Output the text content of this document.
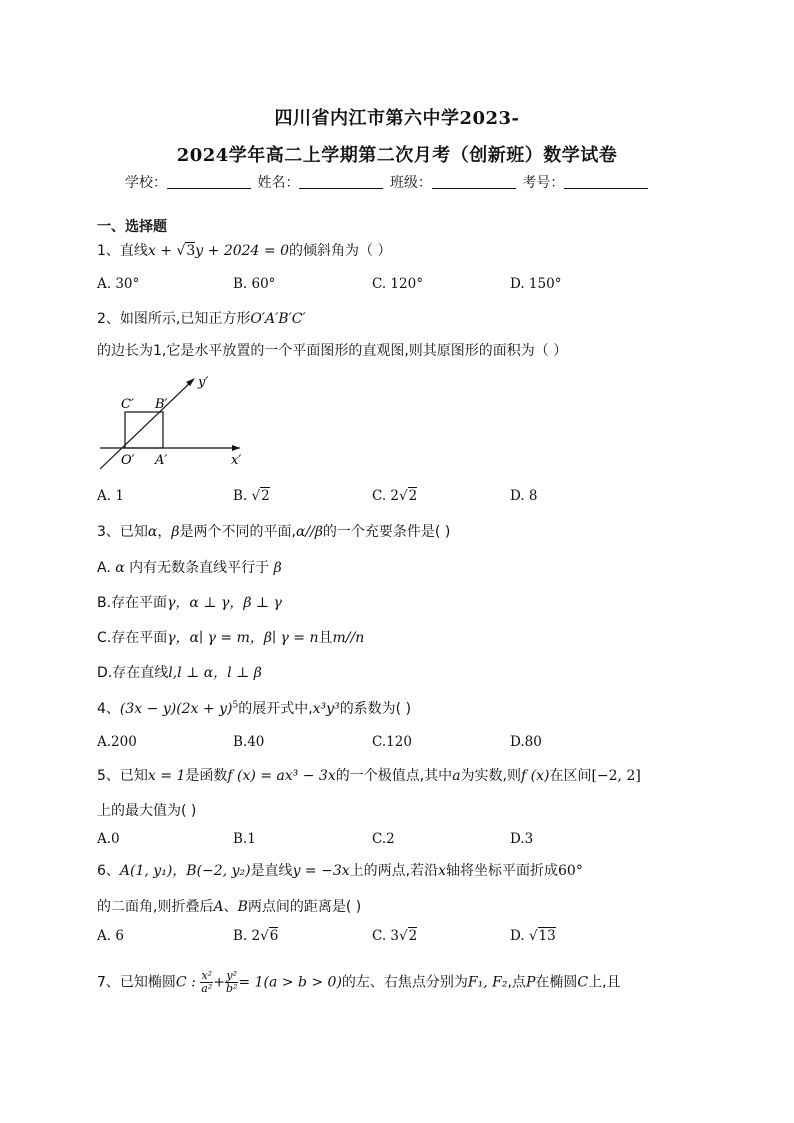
四川省内江市第六中学2023-
2024学年高二上学期第二次月考（创新班）数学试卷
学校：	姓名：	班级：	考号：
一、选择题
1、直线x + √3y + 2024 = 0的倾斜角为（ ）
A. 30°	B. 60°	C. 120°	D. 150°
2、如图所示,已知正方形O′A′B′C′
的边长为1,它是水平放置的一个平面图形的直观图,则其原图形的面积为（ ）
y′
x′
C′ B′
O′ A′
A. 1	B. √2	C. 2√2	D. 8
3、已知α，β是两个不同的平面,α//β的一个充要条件是( )
A. α 内有无数条直线平行于 β
B.存在平面γ，α ⊥ γ，β ⊥ γ
C.存在平面γ，α∣ γ = m，β∣ γ = n且m//n
D.存在直线l,l ⊥ α，l ⊥ β
4、$(3x - y)(2x + y)^5$的展开式中,x³y³的系数为( )
A.200	B.40	C.120	D.80
5、已知x = 1是函数f (x) = ax³ − 3x的一个极值点,其中a为实数,则f (x)在区间[−2, 2]
上的最大值为( )
A.0	B.1	C.2	D.3
6、A(1, y₁)，B(−2, y₂)是直线y = −3x上的两点,若沿x轴将坐标平面折成60°
的二面角,则折叠后A、B两点间的距离是( )
A. 6	B. 2√6	C. 3√2	D. √13
7、已知椭圆C : $\frac{\text{x²}}{\text{a²}} + \frac{\text{y²}}{\text{b²}} = 1(a > b > 0)$的左、右焦点分别为F₁, F₂,点P在椭圆C上,且
